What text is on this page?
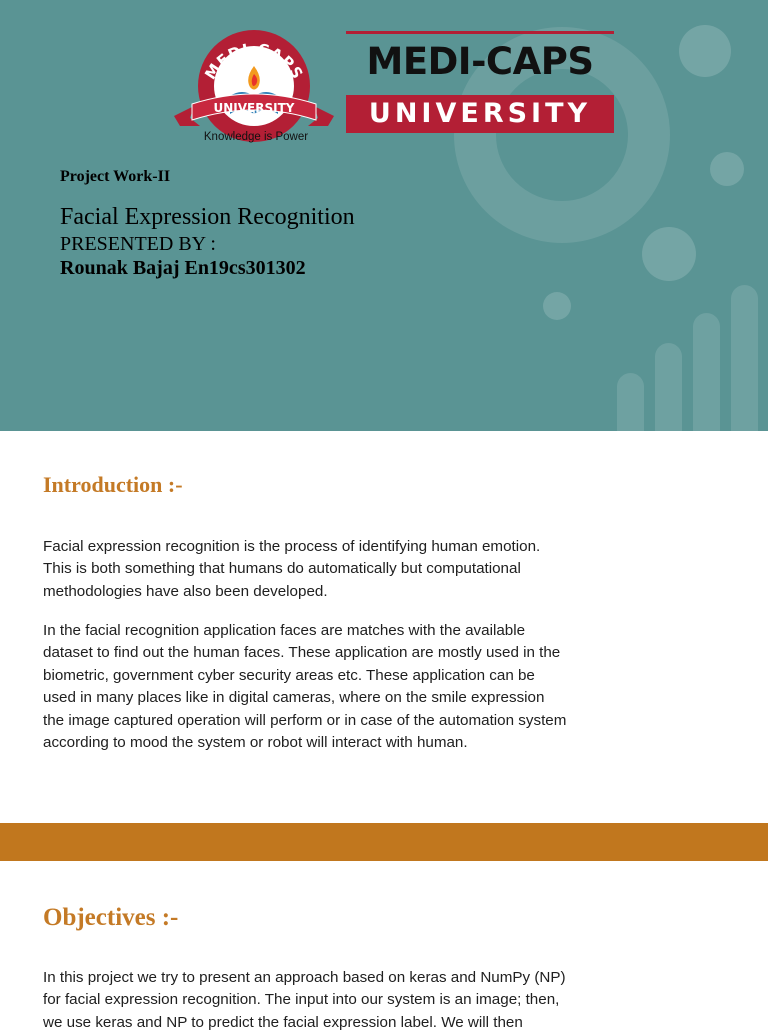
MEDI-CAPS
UNIVERSITY
Knowledge is Power
MEDI-CAPS
UNIVERSITY
Project Work-II
Facial Expression Recognition
PRESENTED BY :
Rounak Bajaj En19cs301302
Introduction :-
Facial expression recognition is the process of identifying human emotion.
This is both something that humans do automatically but computational
methodologies have also been developed.
In the facial recognition application faces are matches with the available
dataset to find out the human faces. These application are mostly used in the
biometric, government cyber security areas etc. These application can be
used in many places like in digital cameras, where on the smile expression
the image captured operation will perform or in case of the automation system
according to mood the system or robot will interact with human.
Objectives :-
In this project we try to present an approach based on keras and NumPy (NP)
for facial expression recognition. The input into our system is an image; then,
we use keras and NP to predict the facial expression label. We will then
